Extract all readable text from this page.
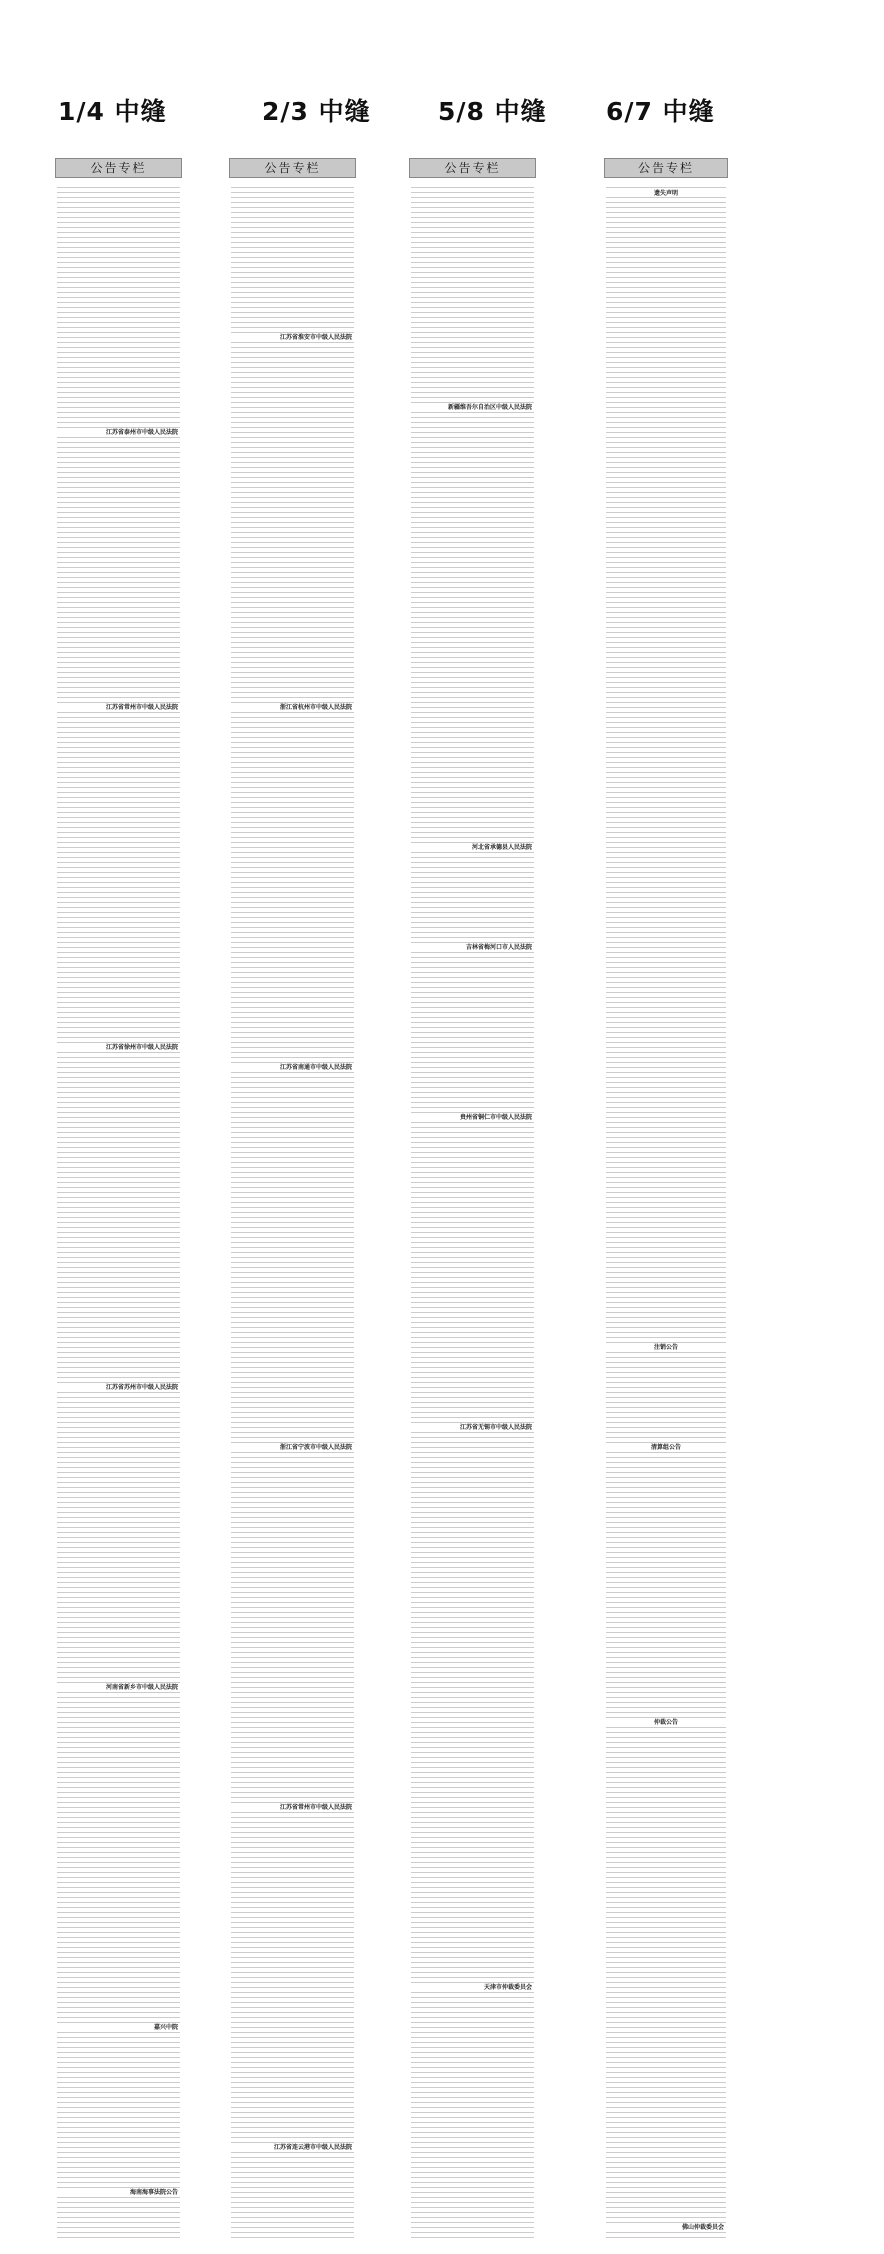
1/4 中缝	2/3 中缝	5/8 中缝 6/7 中缝
公告专栏
江苏省泰州市中级人民法院
江苏省常州市中级人民法院
江苏省徐州市中级人民法院
江苏省苏州市中级人民法院
河南省新乡市中级人民法院
嘉兴中院
海南海事法院公告
公告专栏
江苏省淮安市中级人民法院
浙江省杭州市中级人民法院
江苏省南通市中级人民法院
浙江省宁波市中级人民法院
江苏省常州市中级人民法院
江苏省连云港市中级人民法院
公告专栏
新疆维吾尔自治区中级人民法院
河北省承德县人民法院
吉林省梅河口市人民法院
贵州省铜仁市中级人民法院
江苏省无锡市中级人民法院
天津市仲裁委员会
公告专栏
遗失声明
注销公告
清算组公告
仲裁公告
佛山仲裁委员会
